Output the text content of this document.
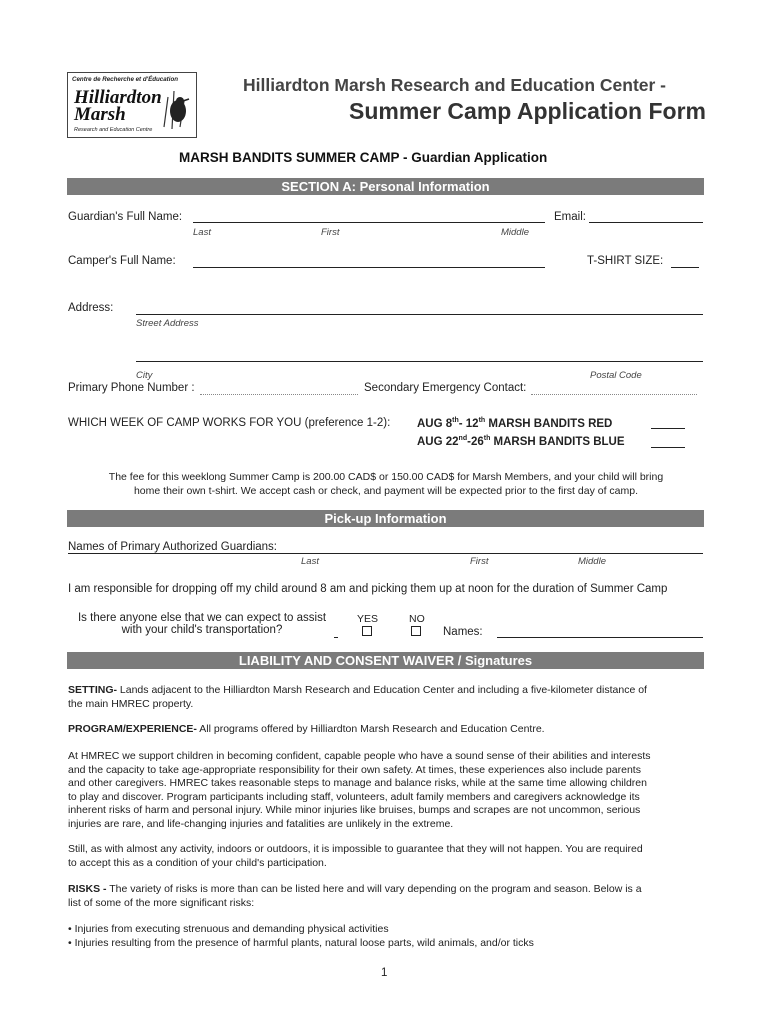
Centre de Recherche et d'Éducation
Hilliardton
Marsh
Research and Education Centre
Hilliardton Marsh Research and Education Center -
Summer Camp Application Form
MARSH BANDITS SUMMER CAMP - Guardian Application
SECTION A: Personal Information
Guardian's Full Name:
Last	First	Middle
Email:
Camper's Full Name:	T-SHIRT SIZE:
Address:
Street Address
City	Postal Code
Primary Phone Number :	Secondary Emergency Contact:
WHICH WEEK OF CAMP WORKS FOR YOU (preference 1-2): AUG 8th- 12th MARSH BANDITS RED
AUG 22nd-26th MARSH BANDITS BLUE
The fee for this weeklong Summer Camp is 200.00 CAD$ or 150.00 CAD$ for Marsh Members, and your child will bring
home their own t-shirt. We accept cash or check, and payment will be expected prior to the first day of camp.
Pick-up Information
Names of Primary Authorized Guardians:
Last	First	Middle
I am responsible for dropping off my child around 8 am and picking them up at noon for the duration of Summer Camp
Is there anyone else that we can expect to assist
with your child's transportation?
YES	NO
Names:
LIABILITY AND CONSENT WAIVER / Signatures
SETTING- Lands adjacent to the Hilliardton Marsh Research and Education Center and including a five-kilometer distance of
the main HMREC property.
PROGRAM/EXPERIENCE- All programs offered by Hilliardton Marsh Research and Education Centre.
At HMREC we support children in becoming confident, capable people who have a sound sense of their abilities and interests
and the capacity to take age-appropriate responsibility for their own safety. At times, these experiences also include parents
and other caregivers. HMREC takes reasonable steps to manage and balance risks, while at the same time allowing children
to play and discover. Program participants including staff, volunteers, adult family members and caregivers acknowledge its
inherent risks of harm and personal injury. While minor injuries like bruises, bumps and scrapes are not uncommon, serious
injuries are rare, and life-changing injuries and fatalities are unlikely in the extreme.
Still, as with almost any activity, indoors or outdoors, it is impossible to guarantee that they will not happen. You are required
to accept this as a condition of your child's participation.
RISKS - The variety of risks is more than can be listed here and will vary depending on the program and season. Below is a
list of some of the more significant risks:
• Injuries from executing strenuous and demanding physical activities
• Injuries resulting from the presence of harmful plants, natural loose parts, wild animals, and/or ticks
1
